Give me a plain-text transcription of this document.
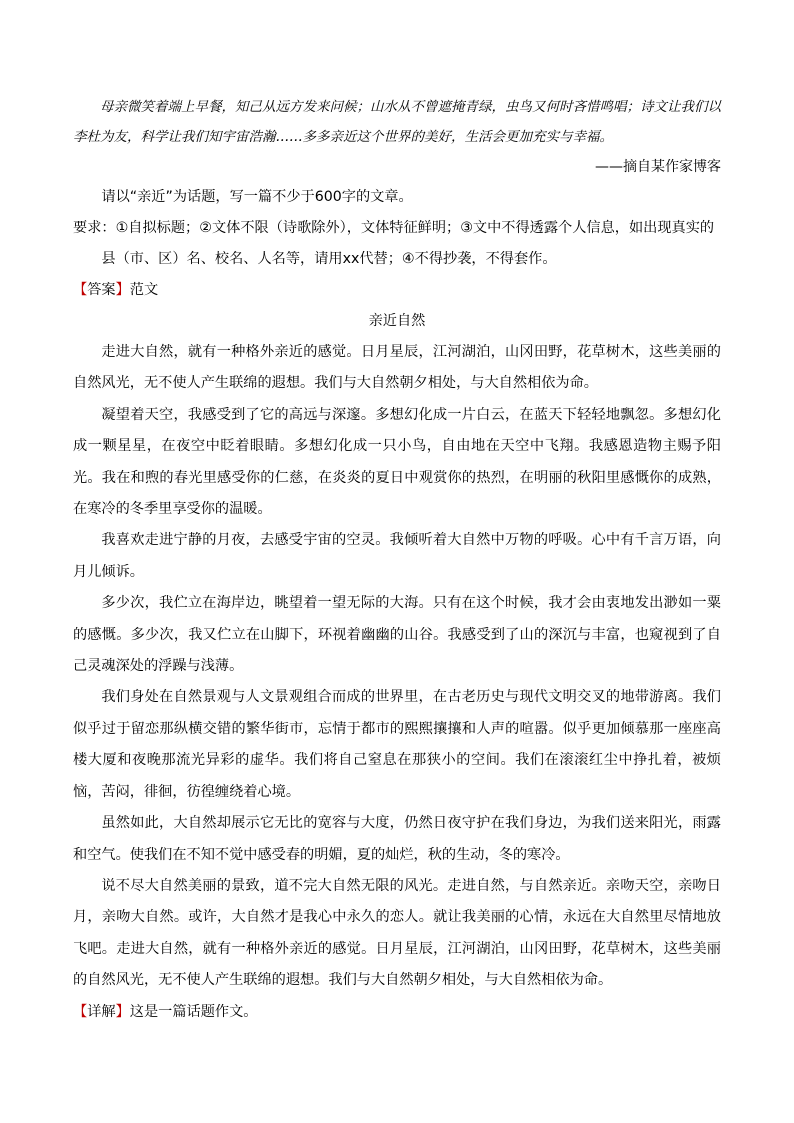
母亲微笑着端上早餐，知己从远方发来问候；山水从不曾遮掩青绿，虫鸟又何时吝惜鸣唱；诗文让我们以李杜为友，科学让我们知宇宙浩瀚……多多亲近这个世界的美好，生活会更加充实与幸福。

——摘自某作家博客

请以“亲近”为话题，写一篇不少于600字的文章。

要求：①自拟标题；②文体不限（诗歌除外），文体特征鲜明；③文中不得透露个人信息，如出现真实的

县（市、区）名、校名、人名等，请用xx代替；④不得抄袭，不得套作。

【答案】范文

亲近自然

走进大自然，就有一种格外亲近的感觉。日月星辰，江河湖泊，山冈田野，花草树木，这些美丽的自然风光，无不使人产生联绵的遐想。我们与大自然朝夕相处，与大自然相依为命。

凝望着天空，我感受到了它的高远与深邃。多想幻化成一片白云，在蓝天下轻轻地飘忽。多想幻化成一颗星星，在夜空中眨着眼睛。多想幻化成一只小鸟，自由地在天空中飞翔。我感恩造物主赐予阳光。我在和煦的春光里感受你的仁慈，在炎炎的夏日中观赏你的热烈，在明丽的秋阳里感慨你的成熟，在寒冷的冬季里享受你的温暖。

我喜欢走进宁静的月夜，去感受宇宙的空灵。我倾听着大自然中万物的呼吸。心中有千言万语，向月儿倾诉。

多少次，我伫立在海岸边，眺望着一望无际的大海。只有在这个时候，我才会由衷地发出渺如一粟的感慨。多少次，我又伫立在山脚下，环视着幽幽的山谷。我感受到了山的深沉与丰富，也窥视到了自己灵魂深处的浮躁与浅薄。

我们身处在自然景观与人文景观组合而成的世界里，在古老历史与现代文明交叉的地带游离。我们似乎过于留恋那纵横交错的繁华街市，忘情于都市的熙熙攘攘和人声的喧嚣。似乎更加倾慕那一座座高楼大厦和夜晚那流光异彩的虚华。我们将自己窒息在那狭小的空间。我们在滚滚红尘中挣扎着，被烦恼，苦闷，徘徊，彷徨缠绕着心境。

虽然如此，大自然却展示它无比的宽容与大度，仍然日夜守护在我们身边，为我们送来阳光，雨露和空气。使我们在不知不觉中感受春的明媚，夏的灿烂，秋的生动，冬的寒冷。

说不尽大自然美丽的景致，道不完大自然无限的风光。走进自然，与自然亲近。亲吻天空，亲吻日月，亲吻大自然。或许，大自然才是我心中永久的恋人。就让我美丽的心情，永远在大自然里尽情地放飞吧。走进大自然，就有一种格外亲近的感觉。日月星辰，江河湖泊，山冈田野，花草树木，这些美丽的自然风光，无不使人产生联绵的遐想。我们与大自然朝夕相处，与大自然相依为命。

【详解】这是一篇话题作文。
